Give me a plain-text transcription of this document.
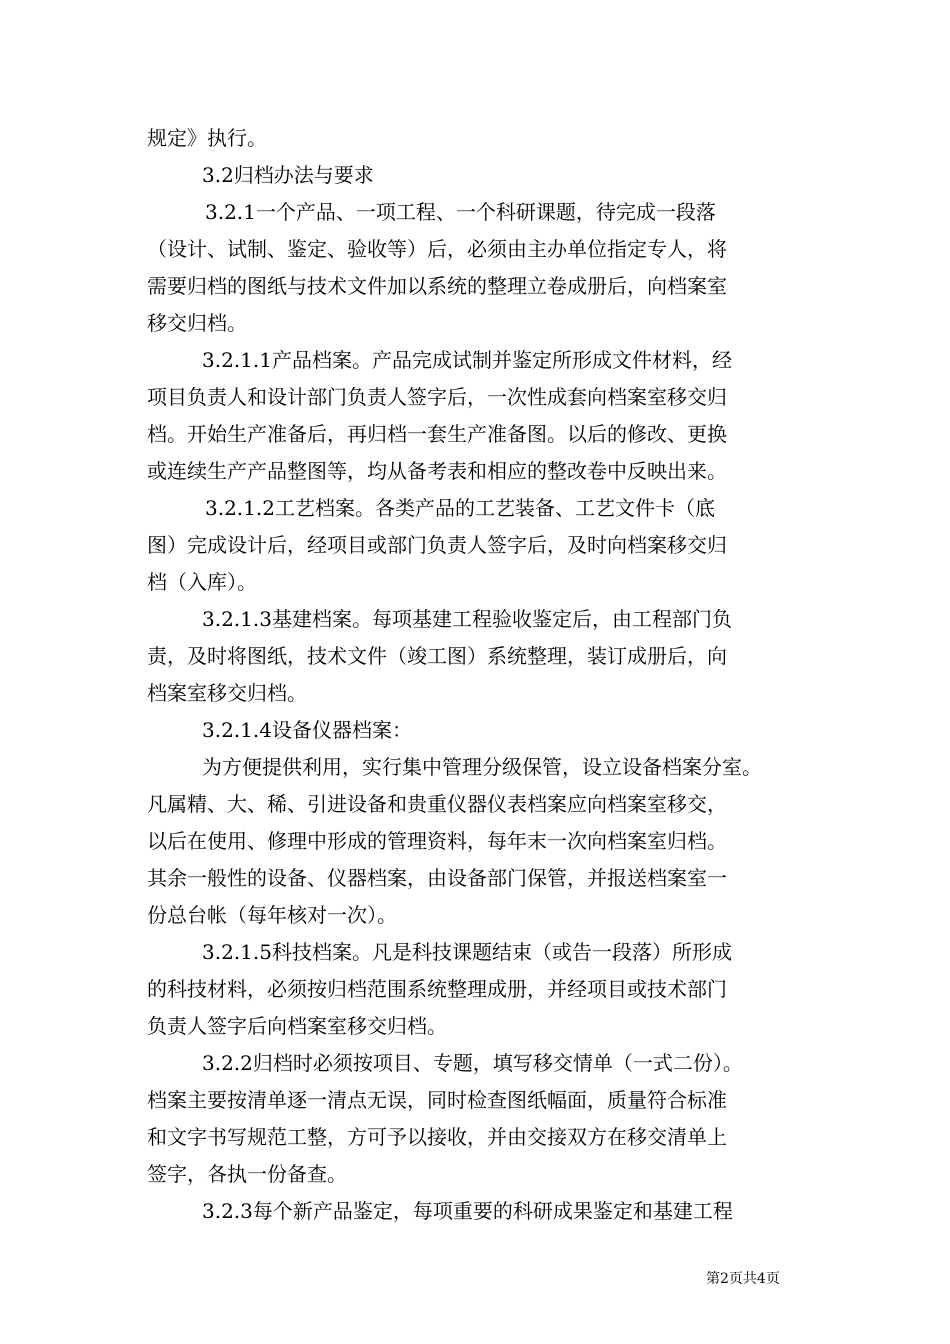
规定》执行。
3.2归档办法与要求
3.2.1一个产品、一项工程、一个科研课题，待完成一段落
（设计、试制、鉴定、验收等）后，必须由主办单位指定专人，将
需要归档的图纸与技术文件加以系统的整理立卷成册后，向档案室
移交归档。
3.2.1.1产品档案。产品完成试制并鉴定所形成文件材料，经
项目负责人和设计部门负责人签字后，一次性成套向档案室移交归
档。开始生产准备后，再归档一套生产准备图。以后的修改、更换
或连续生产产品整图等，均从备考表和相应的整改卷中反映出来。
3.2.1.2工艺档案。各类产品的工艺装备、工艺文件卡（底
图）完成设计后，经项目或部门负责人签字后，及时向档案移交归
档（入库）。
3.2.1.3基建档案。每项基建工程验收鉴定后，由工程部门负
责，及时将图纸，技术文件（竣工图）系统整理，装订成册后，向
档案室移交归档。
3.2.1.4设备仪器档案：
为方便提供利用，实行集中管理分级保管，设立设备档案分室。
凡属精、大、稀、引进设备和贵重仪器仪表档案应向档案室移交，
以后在使用、修理中形成的管理资料，每年末一次向档案室归档。
其余一般性的设备、仪器档案，由设备部门保管，并报送档案室一
份总台帐（每年核对一次）。
3.2.1.5科技档案。凡是科技课题结束（或告一段落）所形成
的科技材料，必须按归档范围系统整理成册，并经项目或技术部门
负责人签字后向档案室移交归档。
3.2.2归档时必须按项目、专题，填写移交情单（一式二份）。
档案主要按清单逐一清点无误，同时检查图纸幅面，质量符合标准
和文字书写规范工整，方可予以接收，并由交接双方在移交清单上
签字，各执一份备查。
3.2.3每个新产品鉴定，每项重要的科研成果鉴定和基建工程
第2页共4页
